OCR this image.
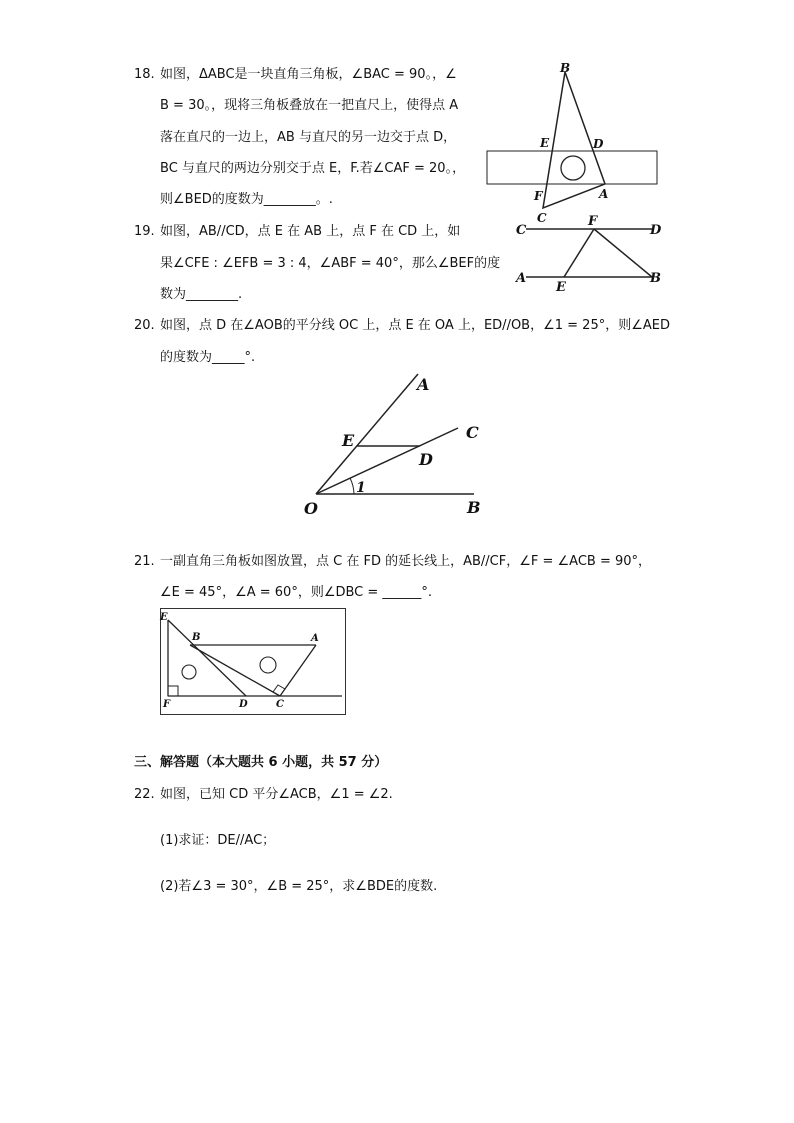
18. 如图，ΔABC是一块直角三角板，∠BAC = 90。，∠
B = 30。，现将三角板叠放在一把直尺上，使得点 A
落在直尺的一边上，AB 与直尺的另一边交于点 D，
BC 与直尺的两边分别交于点 E，F.若∠CAF = 20。，
则∠BED的度数为________。.
B
E	D
F
C
A
19. 如图，AB//CD，点 E 在 AB 上，点 F 在 CD 上，如
果∠CFE : ∠EFB = 3 : 4，∠ABF = 40°，那么∠BEF的度
数为________.
C
F
D
A
E
B
20. 如图，点 D 在∠AOB的平分线 OC 上，点 E 在 OA 上，ED//OB，∠1 = 25°，则∠AED
的度数为_____°.
A
C
E
D
1
O	B
21. 一副直角三角板如图放置，点 C 在 FD 的延长线上，AB//CF，∠F = ∠ACB = 90°，
∠E = 45°，∠A = 60°，则∠DBC = ______°.
E
B	A
F	D	C
三、解答题（本大题共 6 小题，共 57 分）
22. 如图，已知 CD 平分∠ACB，∠1 = ∠2.
(1)求证：DE//AC；
(2)若∠3 = 30°，∠B = 25°，求∠BDE的度数.
